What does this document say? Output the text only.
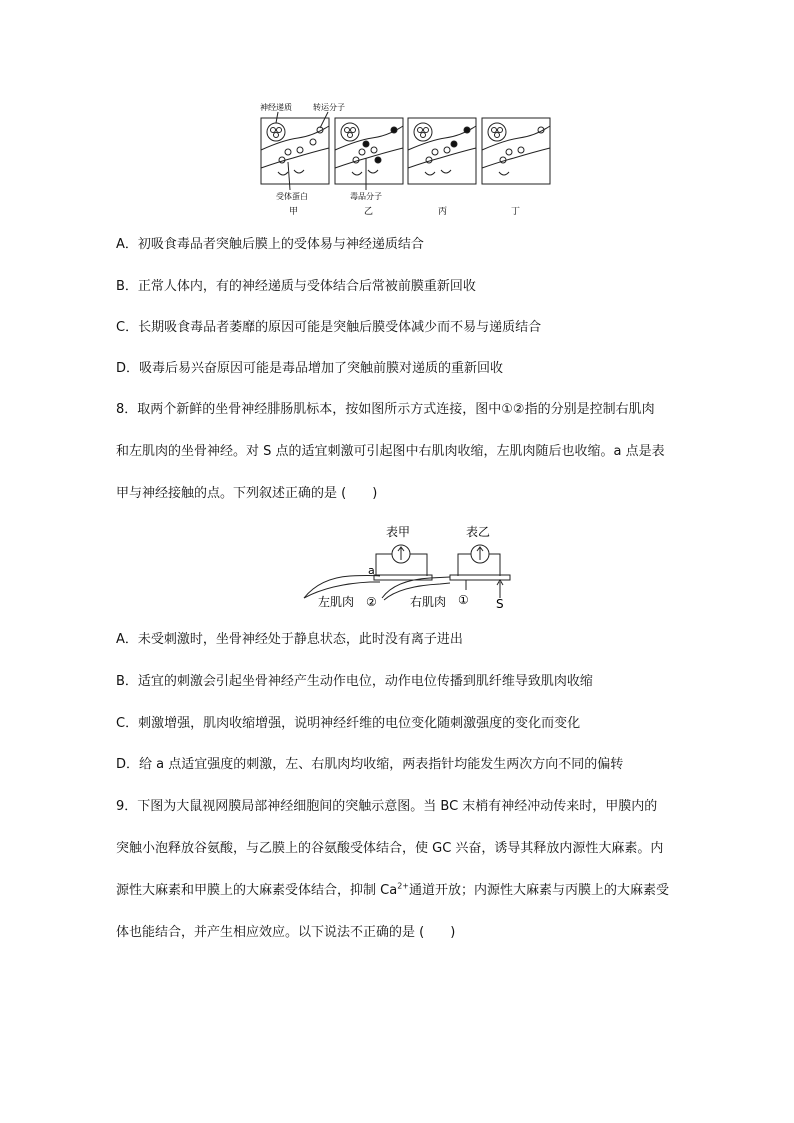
神经递质	转运分子
受体蛋白	毒品分子
甲	乙	丙	丁
A．初吸食毒品者突触后膜上的受体易与神经递质结合
B．正常人体内，有的神经递质与受体结合后常被前膜重新回收
C．长期吸食毒品者萎靡的原因可能是突触后膜受体减少而不易与递质结合
D．吸毒后易兴奋原因可能是毒品增加了突触前膜对递质的重新回收
8．取两个新鲜的坐骨神经腓肠肌标本，按如图所示方式连接，图中①②指的分别是控制右肌肉
和左肌肉的坐骨神经。对 S 点的适宜刺激可引起图中右肌肉收缩，左肌肉随后也收缩。a 点是表
甲与神经接触的点。下列叙述正确的是 (　　)
表甲	表乙
a
左肌肉 ②	右肌肉 ① S
A．未受刺激时，坐骨神经处于静息状态，此时没有离子进出
B．适宜的刺激会引起坐骨神经产生动作电位，动作电位传播到肌纤维导致肌肉收缩
C．刺激增强，肌肉收缩增强，说明神经纤维的电位变化随刺激强度的变化而变化
D．给 a 点适宜强度的刺激，左、右肌肉均收缩，两表指针均能发生两次方向不同的偏转
9．下图为大鼠视网膜局部神经细胞间的突触示意图。当 BC 末梢有神经冲动传来时，甲膜内的
突触小泡释放谷氨酸，与乙膜上的谷氨酸受体结合，使 GC 兴奋，诱导其释放内源性大麻素。内
源性大麻素和甲膜上的大麻素受体结合，抑制 $Ca^{2+}$通道开放；内源性大麻素与丙膜上的大麻素受
体也能结合，并产生相应效应。以下说法不正确的是 (　　)
